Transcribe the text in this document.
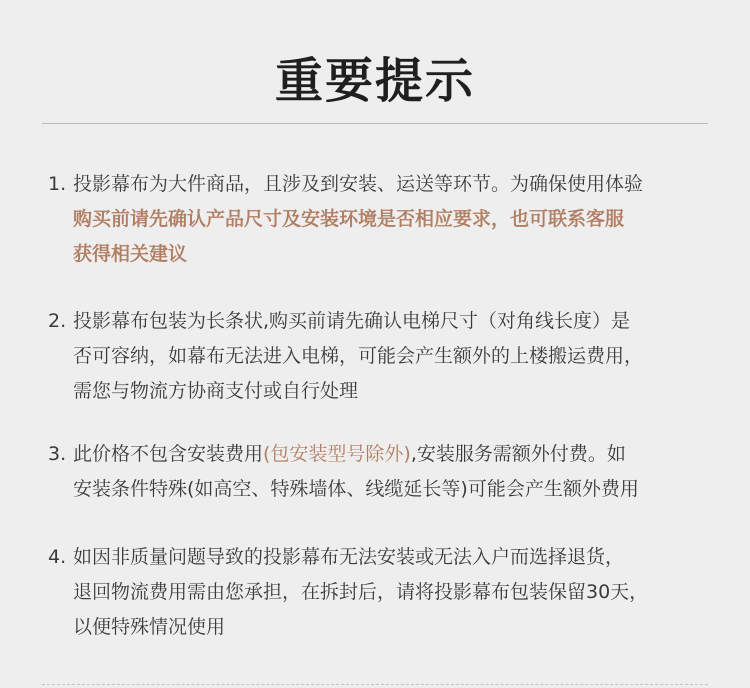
重要提示
1. 投影幕布为大件商品，且涉及到安装、运送等环节。为确保使用体验
购买前请先确认产品尺寸及安装环境是否相应要求，也可联系客服
获得相关建议
2. 投影幕布包装为长条状,购买前请先确认电梯尺寸（对角线长度）是
否可容纳，如幕布无法进入电梯，可能会产生额外的上楼搬运费用，
需您与物流方协商支付或自行处理
3. 此价格不包含安装费用(包安装型号除外),安装服务需额外付费。如
安装条件特殊(如高空、特殊墙体、线缆延长等)可能会产生额外费用
4. 如因非质量问题导致的投影幕布无法安装或无法入户而选择退货，
退回物流费用需由您承担，在拆封后，请将投影幕布包装保留30天，
以便特殊情况使用
